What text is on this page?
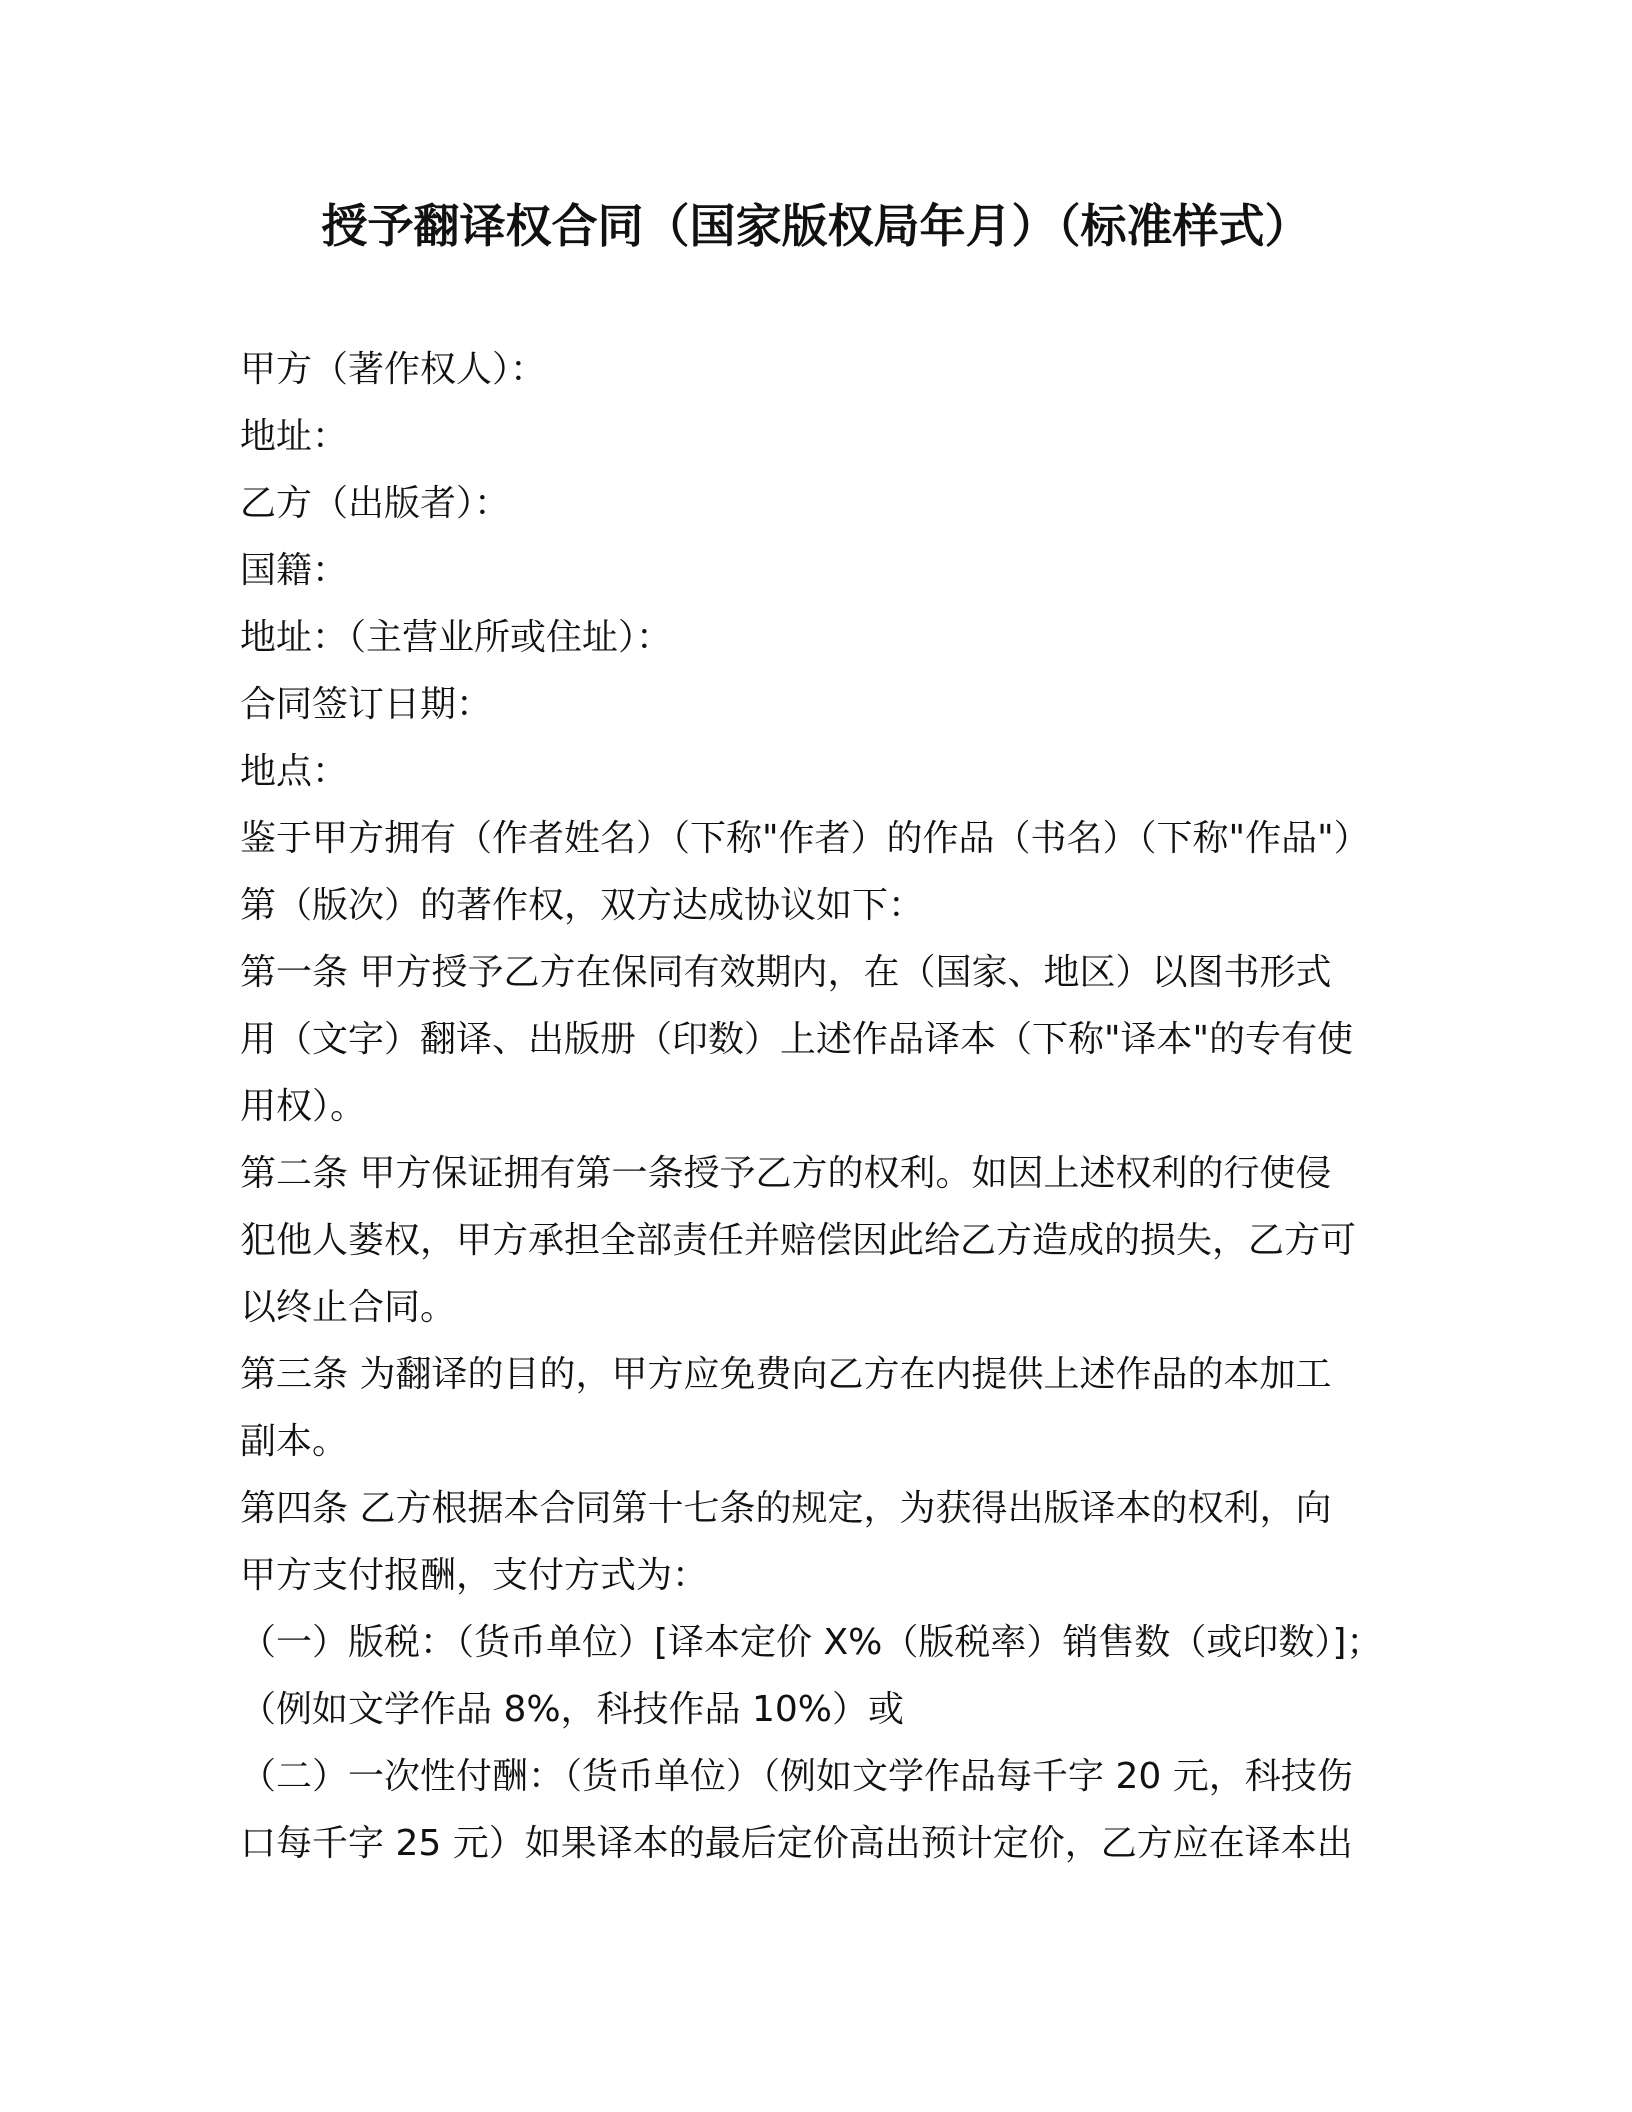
授予翻译权合同（国家版权局年月）（标准样式）
甲方（著作权人）：
地址：
乙方（出版者）：
国籍：
地址：（主营业所或住址）：
合同签订日期：
地点：
鉴于甲方拥有（作者姓名）（下称"作者）的作品（书名）（下称"作品"）
第（版次）的著作权，双方达成协议如下：
第一条 甲方授予乙方在保同有效期内，在（国家、地区）以图书形式
用（文字）翻译、出版册（印数）上述作品译本（下称"译本"的专有使
用权）。
第二条 甲方保证拥有第一条授予乙方的权利。如因上述权利的行使侵
犯他人蒌权，甲方承担全部责任并赔偿因此给乙方造成的损失，乙方可
以终止合同。
第三条 为翻译的目的，甲方应免费向乙方在内提供上述作品的本加工
副本。
第四条 乙方根据本合同第十七条的规定，为获得出版译本的权利，向
甲方支付报酬，支付方式为：
（一）版税：（货币单位）[译本定价 X%（版税率）销售数（或印数）]；
（例如文学作品 8%，科技作品 10%）或
（二）一次性付酬：（货币单位）（例如文学作品每千字 20 元，科技伤
口每千字 25 元）如果译本的最后定价高出预计定价，乙方应在译本出
